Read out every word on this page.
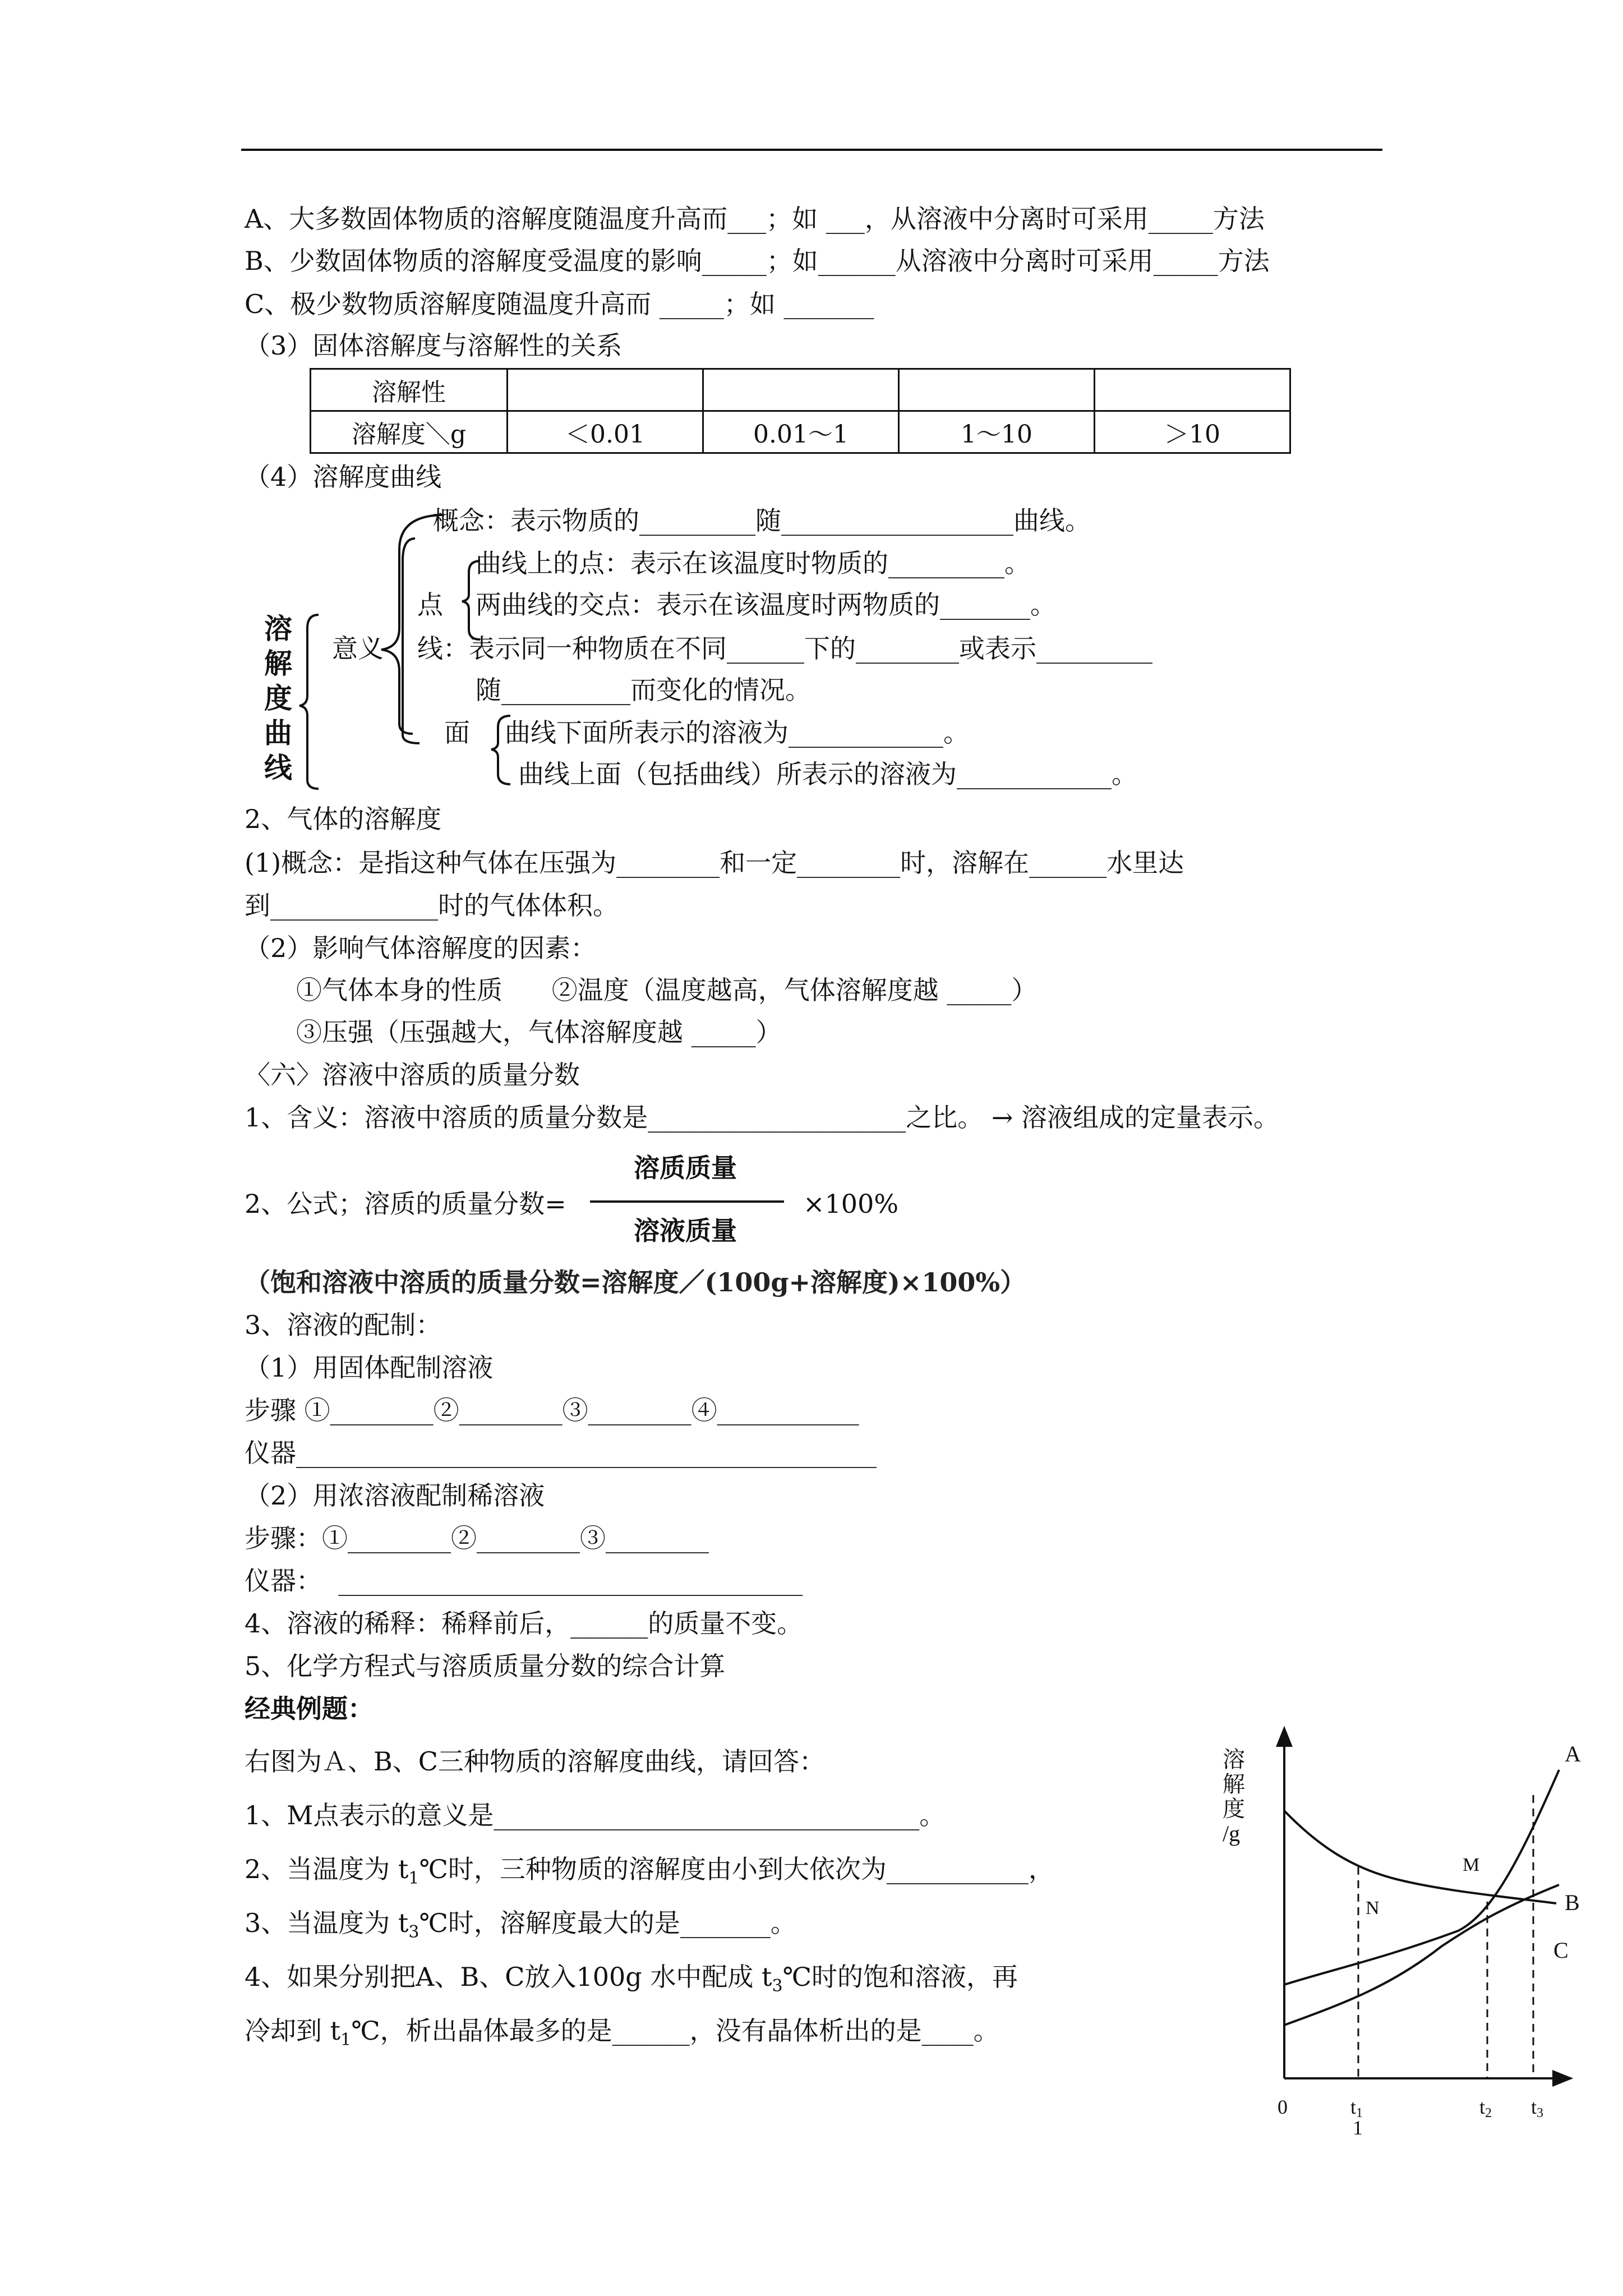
A、大多数固体物质的溶解度随温度升高而___；如 ___，从溶液中分离时可采用_____方法
B、少数固体物质的溶解度受温度的影响_____；如______从溶液中分离时可采用_____方法
C、极少数物质溶解度随温度升高而 _____；如 _______
（3）固体溶解度与溶解性的关系
溶解性				
溶解度＼g	＜0.01	0.01～1	1～10	＞10
（4）溶解度曲线
溶
解
度
曲
线
意义
概念：表示物质的_________随__________________曲线。
曲线上的点：表示在该温度时物质的_________。
点 两曲线的交点：表示在该温度时两物质的_______。
线：表示同一种物质在不同______下的________或表示_________
随__________而变化的情况。
面 曲线下面所表示的溶液为____________。
曲线上面（包括曲线）所表示的溶液为____________。
2、气体的溶解度
(1)概念：是指这种气体在压强为________和一定________时，溶解在______水里达
到_____________时的气体体积。
（2）影响气体溶解度的因素：
①气体本身的性质      ②温度（温度越高，气体溶解度越 _____）
③压强（压强越大，气体溶解度越 _____）
〈六〉溶液中溶质的质量分数
1、含义：溶液中溶质的质量分数是____________________之比。 → 溶液组成的定量表示。
2、公式；溶质的质量分数=
溶质质量
溶液质量
×100%
（饱和溶液中溶质的质量分数=溶解度／(100g+溶解度)×100%）
3、溶液的配制：
（1）用固体配制溶液
步骤 ①________②________③________④___________
仪器_____________________________________________
（2）用浓溶液配制稀溶液
步骤：①________②________③________
仪器：  ____________________________________
4、溶液的稀释：稀释前后，______的质量不变。
5、化学方程式与溶质质量分数的综合计算
经典例题：
右图为Ａ、B、C三种物质的溶解度曲线，请回答：
1、M点表示的意义是_________________________________。
2、当温度为 $t_1℃$时，三种物质的溶解度由小到大依次为___________，
3、当温度为 $t_3℃$时，溶解度最大的是_______。
4、如果分别把A、B、C放入100g 水中配成 $t_3℃$时的饱和溶液，再
冷却到 $t_1℃$，析出晶体最多的是______，没有晶体析出的是____。
溶解度/g
A
B
C
M
N
0	t1	t2 t3
1
